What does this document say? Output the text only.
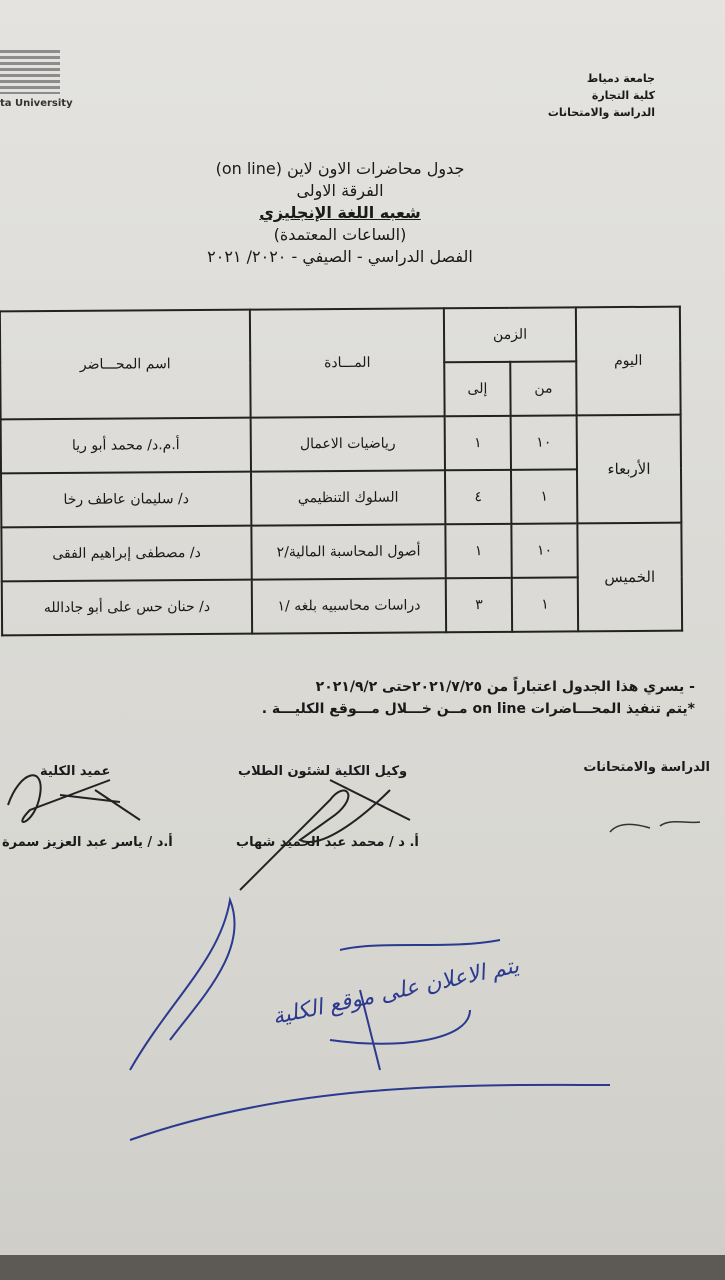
ta University
جامعة دمياط
كلية التجارة
الدراسة والامتحانات
جدول محاضرات الاون لاين (on line)
الفرقة الاولى
شعبه اللغة الإنجليزي
(الساعات المعتمدة)
الفصل الدراسي - الصيفي - ٢٠٢٠/ ٢٠٢١
اليوم	الزمن		المـــادة	اسم المحـــاضر
	من	إلى		
الأربعاء	١٠	١	رياضيات الاعمال	أ.م.د/ محمد أبو ريا
	١	٤	السلوك التنظيمي	د/ سليمان عاطف رخا
الخميس	١٠	١	أصول المحاسبة المالية/٢	د/ مصطفى إبراهيم الفقى
	١	٣	دراسات محاسبيه بلغه /١	د/ حنان حس على أبو جادالله
- يسري هذا الجدول اعتباراً من ٢٠٢١/٧/٢٥حتى ٢٠٢١/٩/٢
*يتم تنفيذ المحـــاضرات on line مــن خـــلال مـــوقع الكليـــة .
الدراسة والامتحانات
وكيل الكلية لشئون الطلاب
عميد الكلية
أ. د / محمد عبد الحميد شهاب
أ.د / ياسر عبد العزيز سمرة
يتم الاعلان على موقع الكلية
